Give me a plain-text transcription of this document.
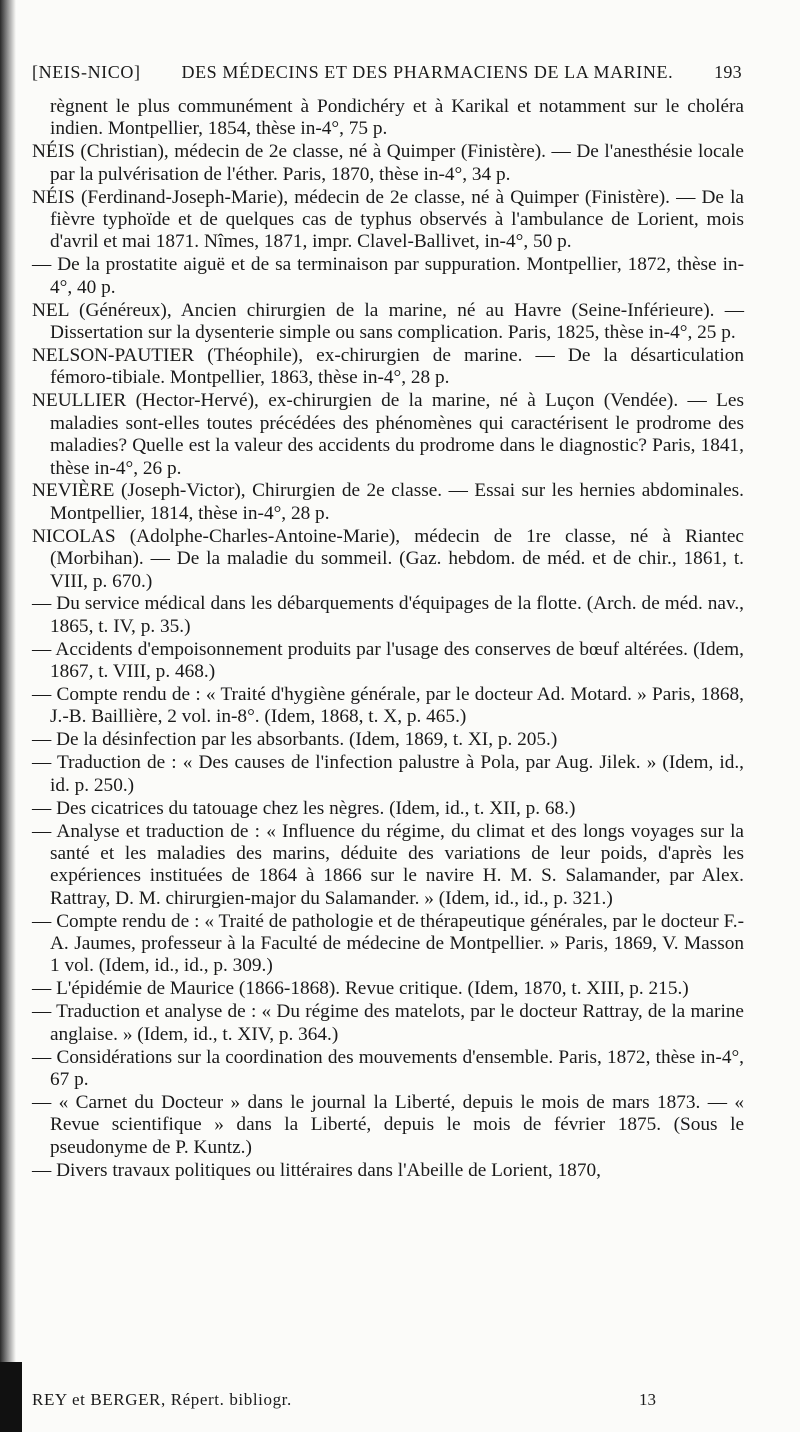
[NEIS-NICO] DES MÉDECINS ET DES PHARMACIENS DE LA MARINE. 193

règnent le plus communément à Pondichéry et à Karikal et notamment sur le choléra indien. Montpellier, 1854, thèse in-4°, 75 p.

NÉIS (Christian), médecin de 2e classe, né à Quimper (Finistère). — De l'anesthésie locale par la pulvérisation de l'éther. Paris, 1870, thèse in-4°, 34 p.

NÉIS (Ferdinand-Joseph-Marie), médecin de 2e classe, né à Quimper (Finistère). — De la fièvre typhoïde et de quelques cas de typhus observés à l'ambulance de Lorient, mois d'avril et mai 1871. Nîmes, 1871, impr. Clavel-Ballivet, in-4°, 50 p.

— De la prostatite aiguë et de sa terminaison par suppuration. Montpellier, 1872, thèse in-4°, 40 p.

NEL (Généreux), Ancien chirurgien de la marine, né au Havre (Seine-Inférieure). — Dissertation sur la dysenterie simple ou sans complication. Paris, 1825, thèse in-4°, 25 p.

NELSON-PAUTIER (Théophile), ex-chirurgien de marine. — De la désarticulation fémoro-tibiale. Montpellier, 1863, thèse in-4°, 28 p.

NEULLIER (Hector-Hervé), ex-chirurgien de la marine, né à Luçon (Vendée). — Les maladies sont-elles toutes précédées des phénomènes qui caractérisent le prodrome des maladies? Quelle est la valeur des accidents du prodrome dans le diagnostic? Paris, 1841, thèse in-4°, 26 p.

NEVIÈRE (Joseph-Victor), Chirurgien de 2e classe. — Essai sur les hernies abdominales. Montpellier, 1814, thèse in-4°, 28 p.

NICOLAS (Adolphe-Charles-Antoine-Marie), médecin de 1re classe, né à Riantec (Morbihan). — De la maladie du sommeil. (Gaz. hebdom. de méd. et de chir., 1861, t. VIII, p. 670.)

— Du service médical dans les débarquements d'équipages de la flotte. (Arch. de méd. nav., 1865, t. IV, p. 35.)

— Accidents d'empoisonnement produits par l'usage des conserves de bœuf altérées. (Idem, 1867, t. VIII, p. 468.)

— Compte rendu de : « Traité d'hygiène générale, par le docteur Ad. Motard. » Paris, 1868, J.-B. Baillière, 2 vol. in-8°. (Idem, 1868, t. X, p. 465.)

— De la désinfection par les absorbants. (Idem, 1869, t. XI, p. 205.)

— Traduction de : « Des causes de l'infection palustre à Pola, par Aug. Jilek. » (Idem, id., id. p. 250.)

— Des cicatrices du tatouage chez les nègres. (Idem, id., t. XII, p. 68.)

— Analyse et traduction de : « Influence du régime, du climat et des longs voyages sur la santé et les maladies des marins, déduite des variations de leur poids, d'après les expériences instituées de 1864 à 1866 sur le navire H. M. S. Salamander, par Alex. Rattray, D. M. chirurgien-major du Salamander. » (Idem, id., id., p. 321.)

— Compte rendu de : « Traité de pathologie et de thérapeutique générales, par le docteur F.-A. Jaumes, professeur à la Faculté de médecine de Montpellier. » Paris, 1869, V. Masson 1 vol. (Idem, id., id., p. 309.)

— L'épidémie de Maurice (1866-1868). Revue critique. (Idem, 1870, t. XIII, p. 215.)

— Traduction et analyse de : « Du régime des matelots, par le docteur Rattray, de la marine anglaise. » (Idem, id., t. XIV, p. 364.)

— Considérations sur la coordination des mouvements d'ensemble. Paris, 1872, thèse in-4°, 67 p.

— « Carnet du Docteur » dans le journal la Liberté, depuis le mois de mars 1873. — « Revue scientifique » dans la Liberté, depuis le mois de février 1875. (Sous le pseudonyme de P. Kuntz.)

— Divers travaux politiques ou littéraires dans l'Abeille de Lorient, 1870,

REY et BERGER, Répert. bibliogr.	13
